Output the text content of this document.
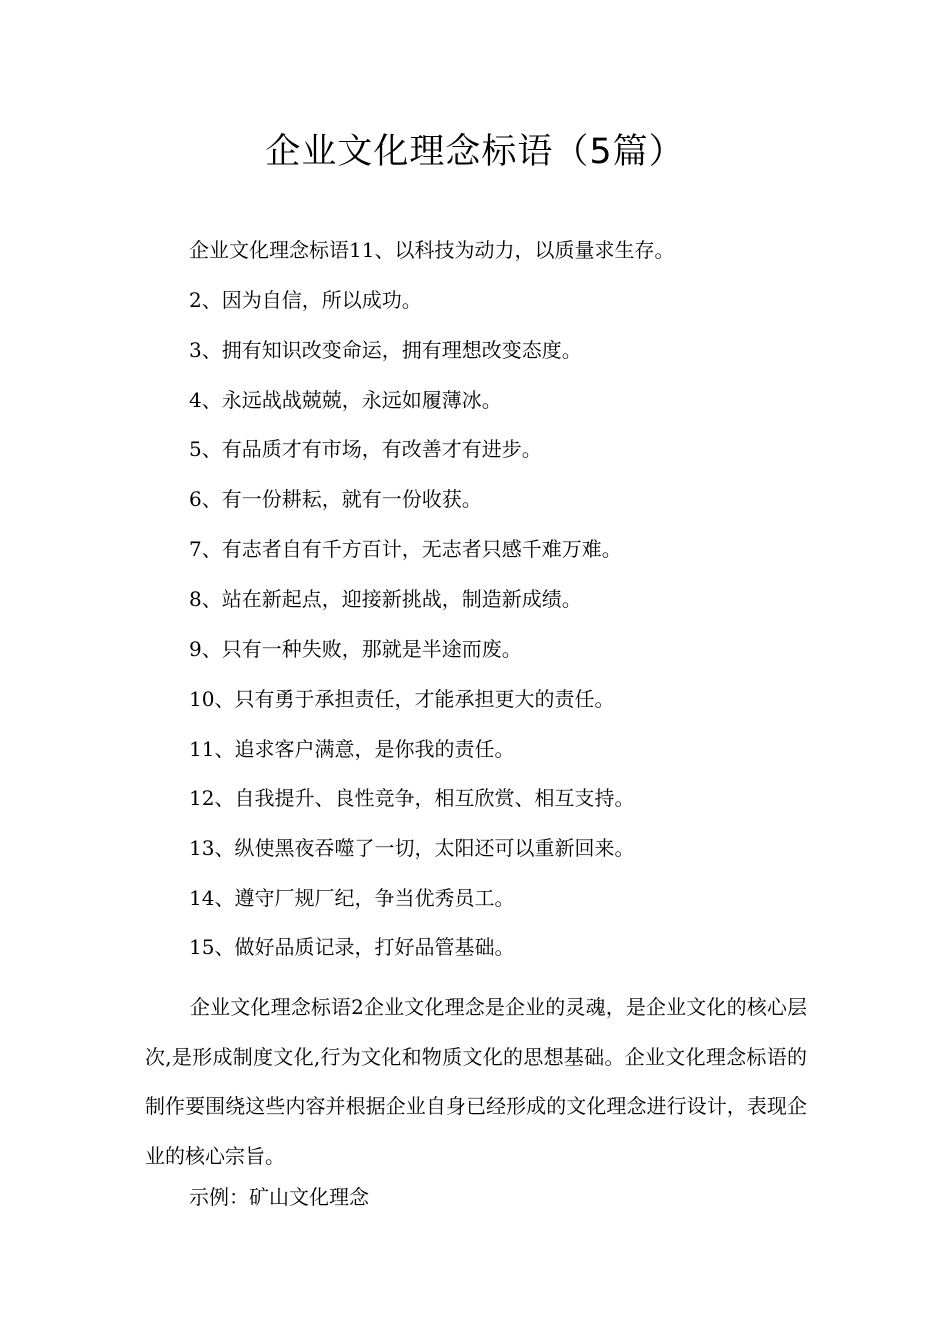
企业文化理念标语（5篇）
企业文化理念标语11、以科技为动力，以质量求生存。
2、因为自信，所以成功。
3、拥有知识改变命运，拥有理想改变态度。
4、永远战战兢兢，永远如履薄冰。
5、有品质才有市场，有改善才有进步。
6、有一份耕耘，就有一份收获。
7、有志者自有千方百计，无志者只感千难万难。
8、站在新起点，迎接新挑战，制造新成绩。
9、只有一种失败，那就是半途而废。
10、只有勇于承担责任，才能承担更大的责任。
11、追求客户满意，是你我的责任。
12、自我提升、良性竞争，相互欣赏、相互支持。
13、纵使黑夜吞噬了一切，太阳还可以重新回来。
14、遵守厂规厂纪，争当优秀员工。
15、做好品质记录，打好品管基础。
企业文化理念标语2企业文化理念是企业的灵魂，是企业文化的核心层次,是形成制度文化,行为文化和物质文化的思想基础。企业文化理念标语的制作要围绕这些内容并根据企业自身已经形成的文化理念进行设计，表现企业的核心宗旨。
示例：矿山文化理念
